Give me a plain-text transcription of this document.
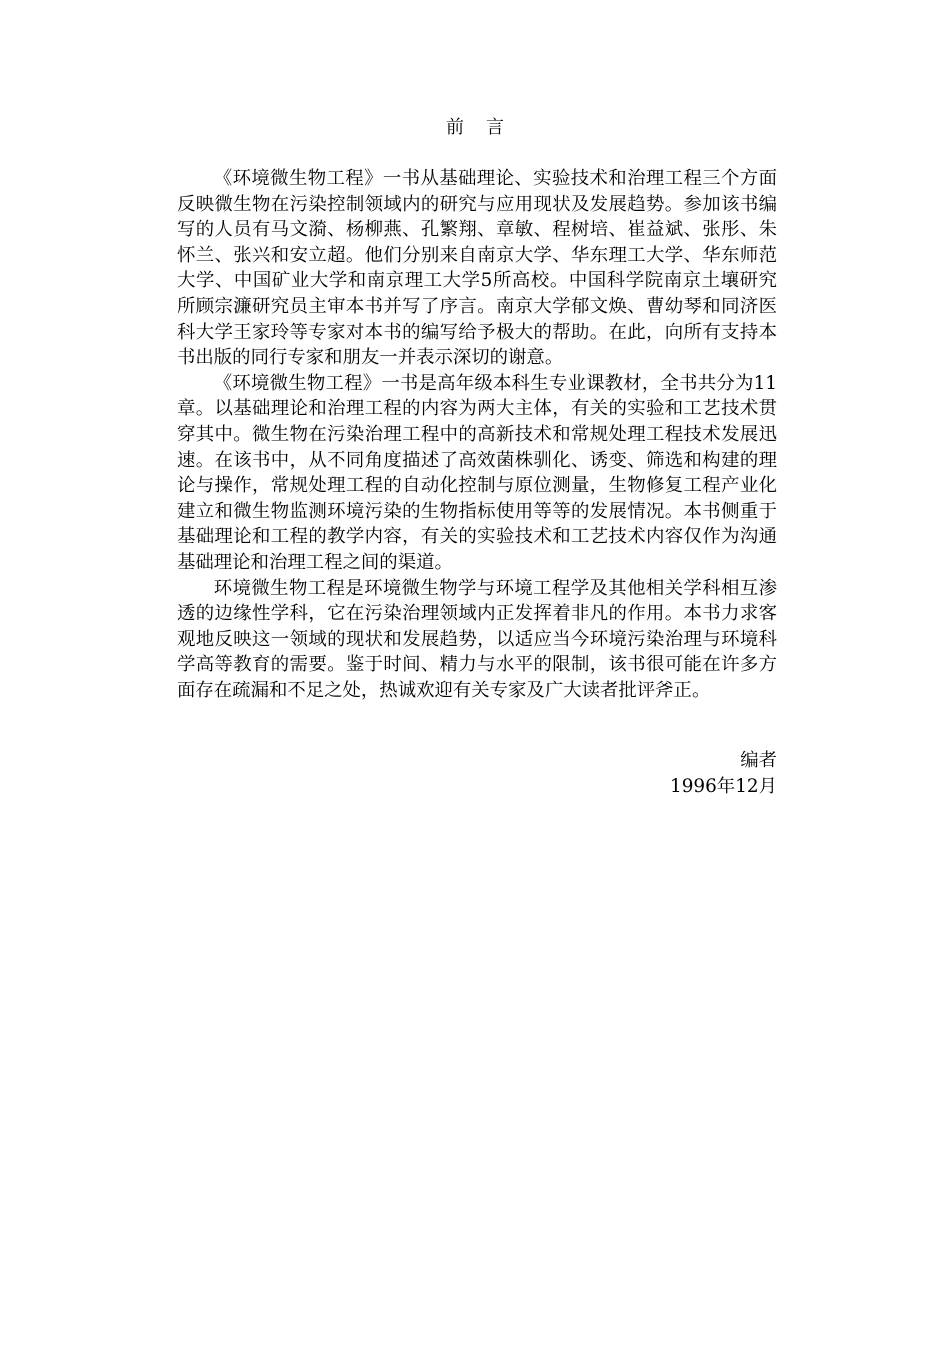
前 言

《环境微生物工程》一书从基础理论、实验技术和治理工程三个方面反映微生物在污染控制领域内的研究与应用现状及发展趋势。参加该书编写的人员有马文漪、杨柳燕、孔繁翔、章敏、程树培、崔益斌、张彤、朱怀兰、张兴和安立超。他们分别来自南京大学、华东理工大学、华东师范大学、中国矿业大学和南京理工大学5所高校。中国科学院南京土壤研究所顾宗濂研究员主审本书并写了序言。南京大学郁文焕、曹幼琴和同济医科大学王家玲等专家对本书的编写给予极大的帮助。在此，向所有支持本书出版的同行专家和朋友一并表示深切的谢意。

《环境微生物工程》一书是高年级本科生专业课教材，全书共分为11章。以基础理论和治理工程的内容为两大主体，有关的实验和工艺技术贯穿其中。微生物在污染治理工程中的高新技术和常规处理工程技术发展迅速。在该书中，从不同角度描述了高效菌株驯化、诱变、筛选和构建的理论与操作，常规处理工程的自动化控制与原位测量，生物修复工程产业化建立和微生物监测环境污染的生物指标使用等等的发展情况。本书侧重于基础理论和工程的教学内容，有关的实验技术和工艺技术内容仅作为沟通基础理论和治理工程之间的渠道。

环境微生物工程是环境微生物学与环境工程学及其他相关学科相互渗透的边缘性学科，它在污染治理领域内正发挥着非凡的作用。本书力求客观地反映这一领域的现状和发展趋势，以适应当今环境污染治理与环境科学高等教育的需要。鉴于时间、精力与水平的限制，该书很可能在许多方面存在疏漏和不足之处，热诚欢迎有关专家及广大读者批评斧正。

编者
1996年12月
